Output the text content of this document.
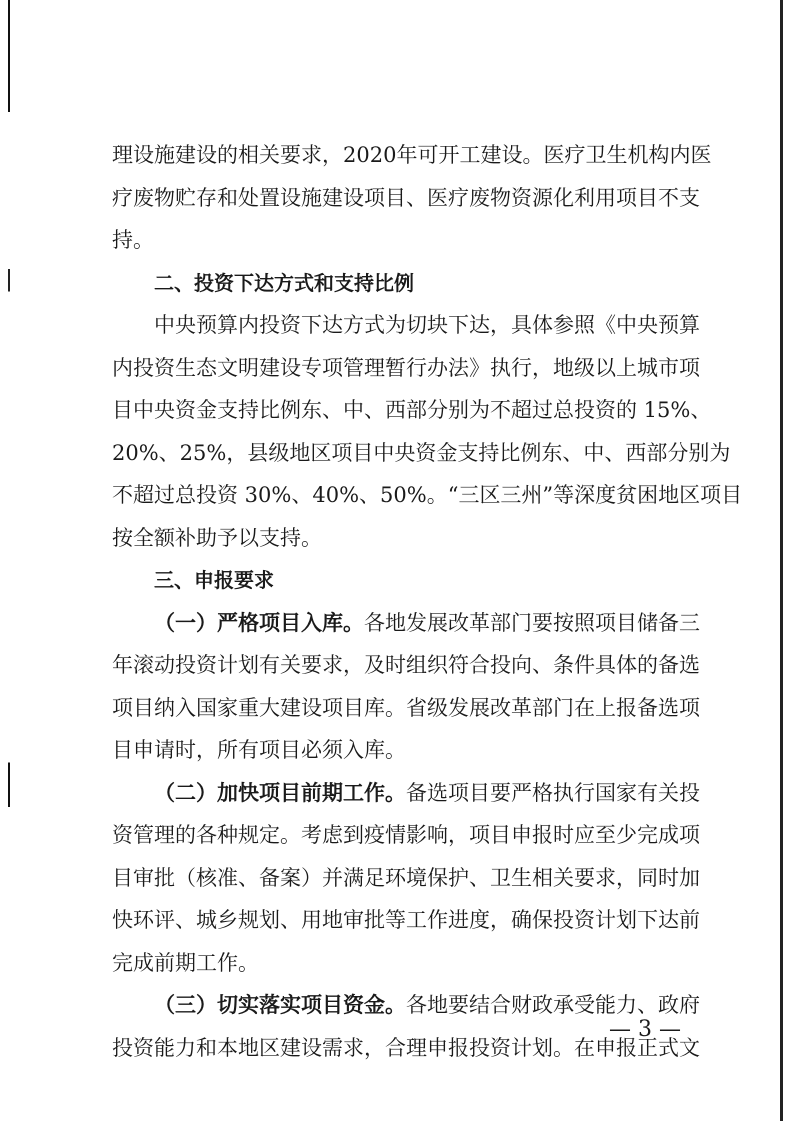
理设施建设的相关要求，2020年可开工建设。医疗卫生机构内医
疗废物贮存和处置设施建设项目、医疗废物资源化利用项目不支
持。
二、投资下达方式和支持比例
中央预算内投资下达方式为切块下达，具体参照《中央预算
内投资生态文明建设专项管理暂行办法》执行，地级以上城市项
目中央资金支持比例东、中、西部分别为不超过总投资的 15%、
20%、25%，县级地区项目中央资金支持比例东、中、西部分别为
不超过总投资 30%、40%、50%。“三区三州”等深度贫困地区项目
按全额补助予以支持。
三、申报要求
（一）严格项目入库。各地发展改革部门要按照项目储备三
年滚动投资计划有关要求，及时组织符合投向、条件具体的备选
项目纳入国家重大建设项目库。省级发展改革部门在上报备选项
目申请时，所有项目必须入库。
（二）加快项目前期工作。备选项目要严格执行国家有关投
资管理的各种规定。考虑到疫情影响，项目申报时应至少完成项
目审批（核准、备案）并满足环境保护、卫生相关要求，同时加
快环评、城乡规划、用地审批等工作进度，确保投资计划下达前
完成前期工作。
（三）切实落实项目资金。各地要结合财政承受能力、政府
投资能力和本地区建设需求，合理申报投资计划。在申报正式文
— 3 —
